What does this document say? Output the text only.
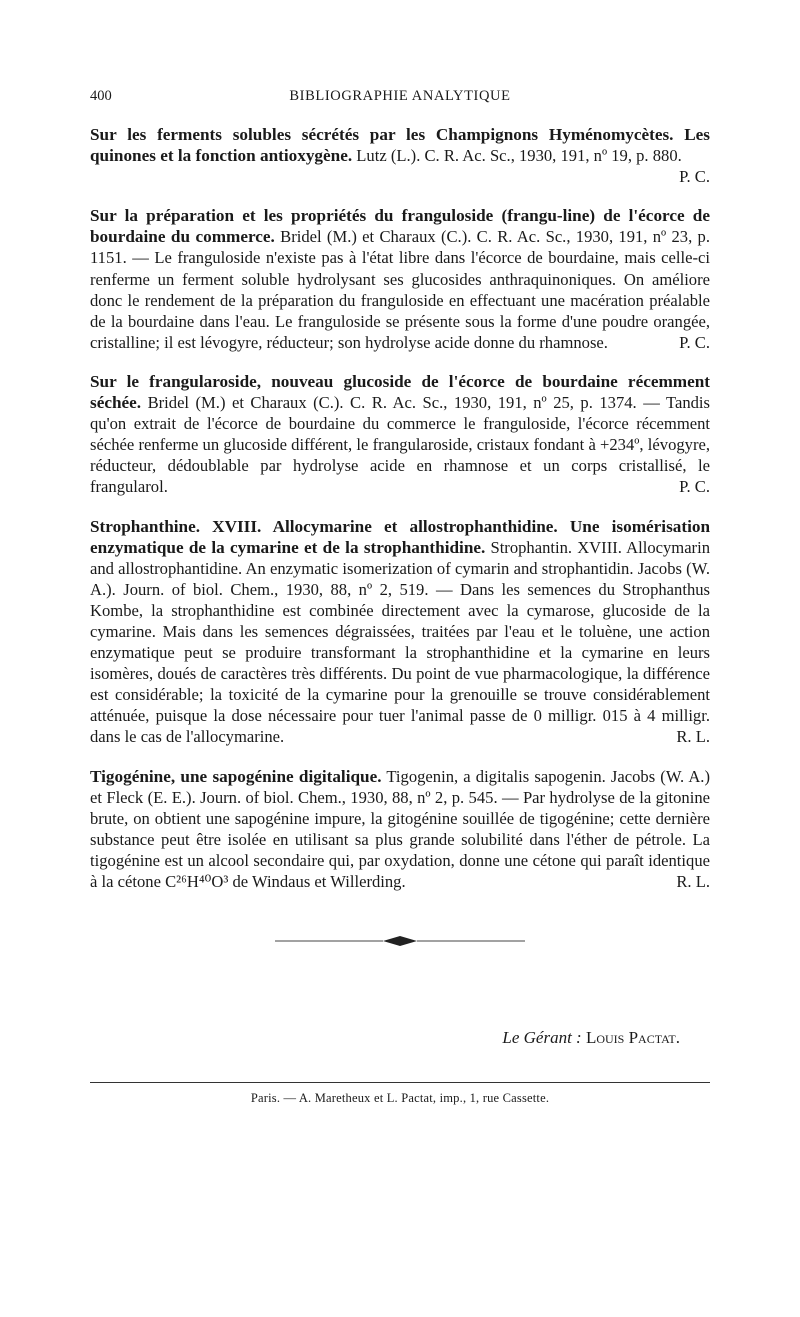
400	BIBLIOGRAPHIE ANALYTIQUE

Sur les ferments solubles sécrétés par les Champignons Hyménomycètes. Les quinones et la fonction antioxygène. Lutz (L.). C. R. Ac. Sc., 1930, 191, nº 19, p. 880.
P. C.

Sur la préparation et les propriétés du franguloside (frangu-line) de l'écorce de bourdaine du commerce. Bridel (M.) et Charaux (C.). C. R. Ac. Sc., 1930, 191, nº 23, p. 1151. — Le franguloside n'existe pas à l'état libre dans l'écorce de bourdaine, mais celle-ci renferme un ferment soluble hydrolysant ses glucosides anthraquinoniques. On améliore donc le rendement de la préparation du franguloside en effectuant une macération préalable de la bourdaine dans l'eau. Le franguloside se présente sous la forme d'une poudre orangée, cristalline; il est lévogyre, réducteur; son hydrolyse acide donne du rhamnose.	P. C.

Sur le frangularoside, nouveau glucoside de l'écorce de bourdaine récemment séchée. Bridel (M.) et Charaux (C.). C. R. Ac. Sc., 1930, 191, nº 25, p. 1374. — Tandis qu'on extrait de l'écorce de bourdaine du commerce le franguloside, l'écorce récemment séchée renferme un glucoside différent, le frangularoside, cristaux fondant à +234º, lévogyre, réducteur, dédoublable par hydrolyse acide en rhamnose et un corps cristallisé, le frangularol.	P. C.

Strophanthine. XVIII. Allocymarine et allostrophanthidine. Une isomérisation enzymatique de la cymarine et de la strophanthidine. Strophantin. XVIII. Allocymarin and allostrophantidine. An enzymatic isomerization of cymarin and strophantidin. Jacobs (W. A.). Journ. of biol. Chem., 1930, 88, nº 2, 519. — Dans les semences du Strophanthus Kombe, la strophanthidine est combinée directement avec la cymarose, glucoside de la cymarine. Mais dans les semences dégraissées, traitées par l'eau et le toluène, une action enzymatique peut se produire transformant la strophanthidine et la cymarine en leurs isomères, doués de caractères très différents. Du point de vue pharmacologique, la différence est considérable; la toxicité de la cymarine pour la grenouille se trouve considérablement atténuée, puisque la dose nécessaire pour tuer l'animal passe de 0 milligr. 015 à 4 milligr. dans le cas de l'allocymarine.	R. L.

Tigogénine, une sapogénine digitalique. Tigogenin, a digitalis sapogenin. Jacobs (W. A.) et Fleck (E. E.). Journ. of biol. Chem., 1930, 88, nº 2, p. 545. — Par hydrolyse de la gitonine brute, on obtient une sapogénine impure, la gitogénine souillée de tigogénine; cette dernière substance peut être isolée en utilisant sa plus grande solubilité dans l'éther de pétrole. La tigogénine est un alcool secondaire qui, par oxydation, donne une cétone qui paraît identique à la cétone C²⁶H⁴⁰O³ de Windaus et Willerding.	R. L.

Le Gérant : Louis Pactat.
Paris. — A. Maretheux et L. Pactat, imp., 1, rue Cassette.
